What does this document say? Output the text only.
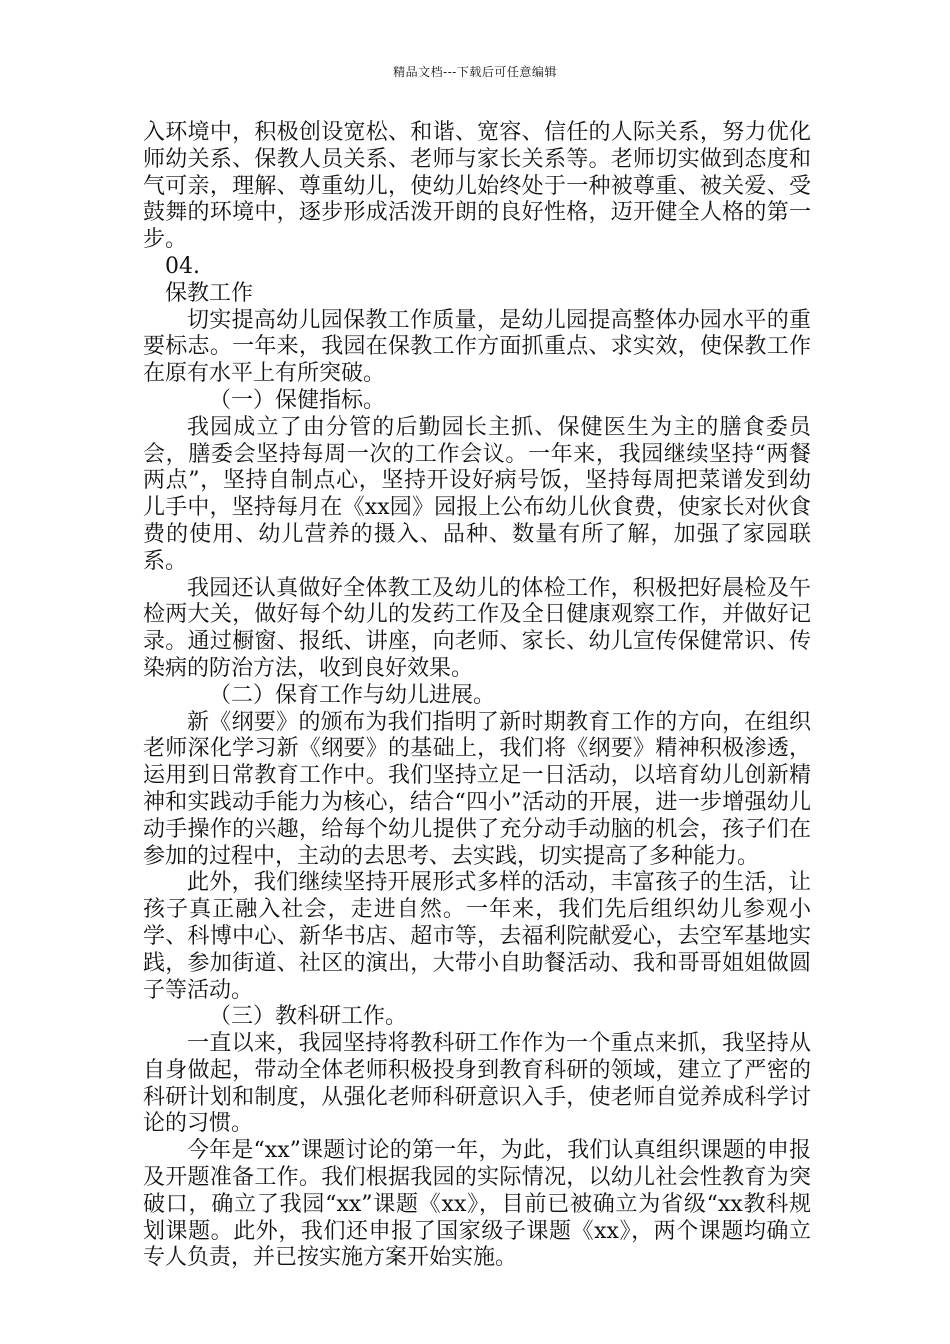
精品文档---下载后可任意编辑

入环境中，积极创设宽松、和谐、宽容、信任的人际关系，努力优化师幼关系、保教人员关系、老师与家长关系等。老师切实做到态度和气可亲，理解、尊重幼儿，使幼儿始终处于一种被尊重、被关爱、受鼓舞的环境中，逐步形成活泼开朗的良好性格，迈开健全人格的第一步。

04.

保教工作

切实提高幼儿园保教工作质量，是幼儿园提高整体办园水平的重要标志。一年来，我园在保教工作方面抓重点、求实效，使保教工作在原有水平上有所突破。

（一）保健指标。

我园成立了由分管的后勤园长主抓、保健医生为主的膳食委员会，膳委会坚持每周一次的工作会议。一年来，我园继续坚持“两餐两点”，坚持自制点心，坚持开设好病号饭，坚持每周把菜谱发到幼儿手中，坚持每月在《xx园》园报上公布幼儿伙食费，使家长对伙食费的使用、幼儿营养的摄入、品种、数量有所了解，加强了家园联系。

我园还认真做好全体教工及幼儿的体检工作，积极把好晨检及午检两大关，做好每个幼儿的发药工作及全日健康观察工作，并做好记录。通过橱窗、报纸、讲座，向老师、家长、幼儿宣传保健常识、传染病的防治方法，收到良好效果。

（二）保育工作与幼儿进展。

新《纲要》的颁布为我们指明了新时期教育工作的方向，在组织老师深化学习新《纲要》的基础上，我们将《纲要》精神积极渗透，运用到日常教育工作中。我们坚持立足一日活动，以培育幼儿创新精神和实践动手能力为核心，结合“四小”活动的开展，进一步增强幼儿动手操作的兴趣，给每个幼儿提供了充分动手动脑的机会，孩子们在参加的过程中，主动的去思考、去实践，切实提高了多种能力。

此外，我们继续坚持开展形式多样的活动，丰富孩子的生活，让孩子真正融入社会，走进自然。一年来，我们先后组织幼儿参观小学、科博中心、新华书店、超市等，去福利院献爱心，去空军基地实践，参加街道、社区的演出，大带小自助餐活动、我和哥哥姐姐做圆子等活动。

（三）教科研工作。

一直以来，我园坚持将教科研工作作为一个重点来抓，我坚持从自身做起，带动全体老师积极投身到教育科研的领域，建立了严密的科研计划和制度，从强化老师科研意识入手，使老师自觉养成科学讨论的习惯。

今年是“xx”课题讨论的第一年，为此，我们认真组织课题的申报及开题准备工作。我们根据我园的实际情况，以幼儿社会性教育为突破口，确立了我园“xx”课题《xx》，目前已被确立为省级“xx教科规划课题。此外，我们还申报了国家级子课题《xx》，两个课题均确立专人负责，并已按实施方案开始实施。
